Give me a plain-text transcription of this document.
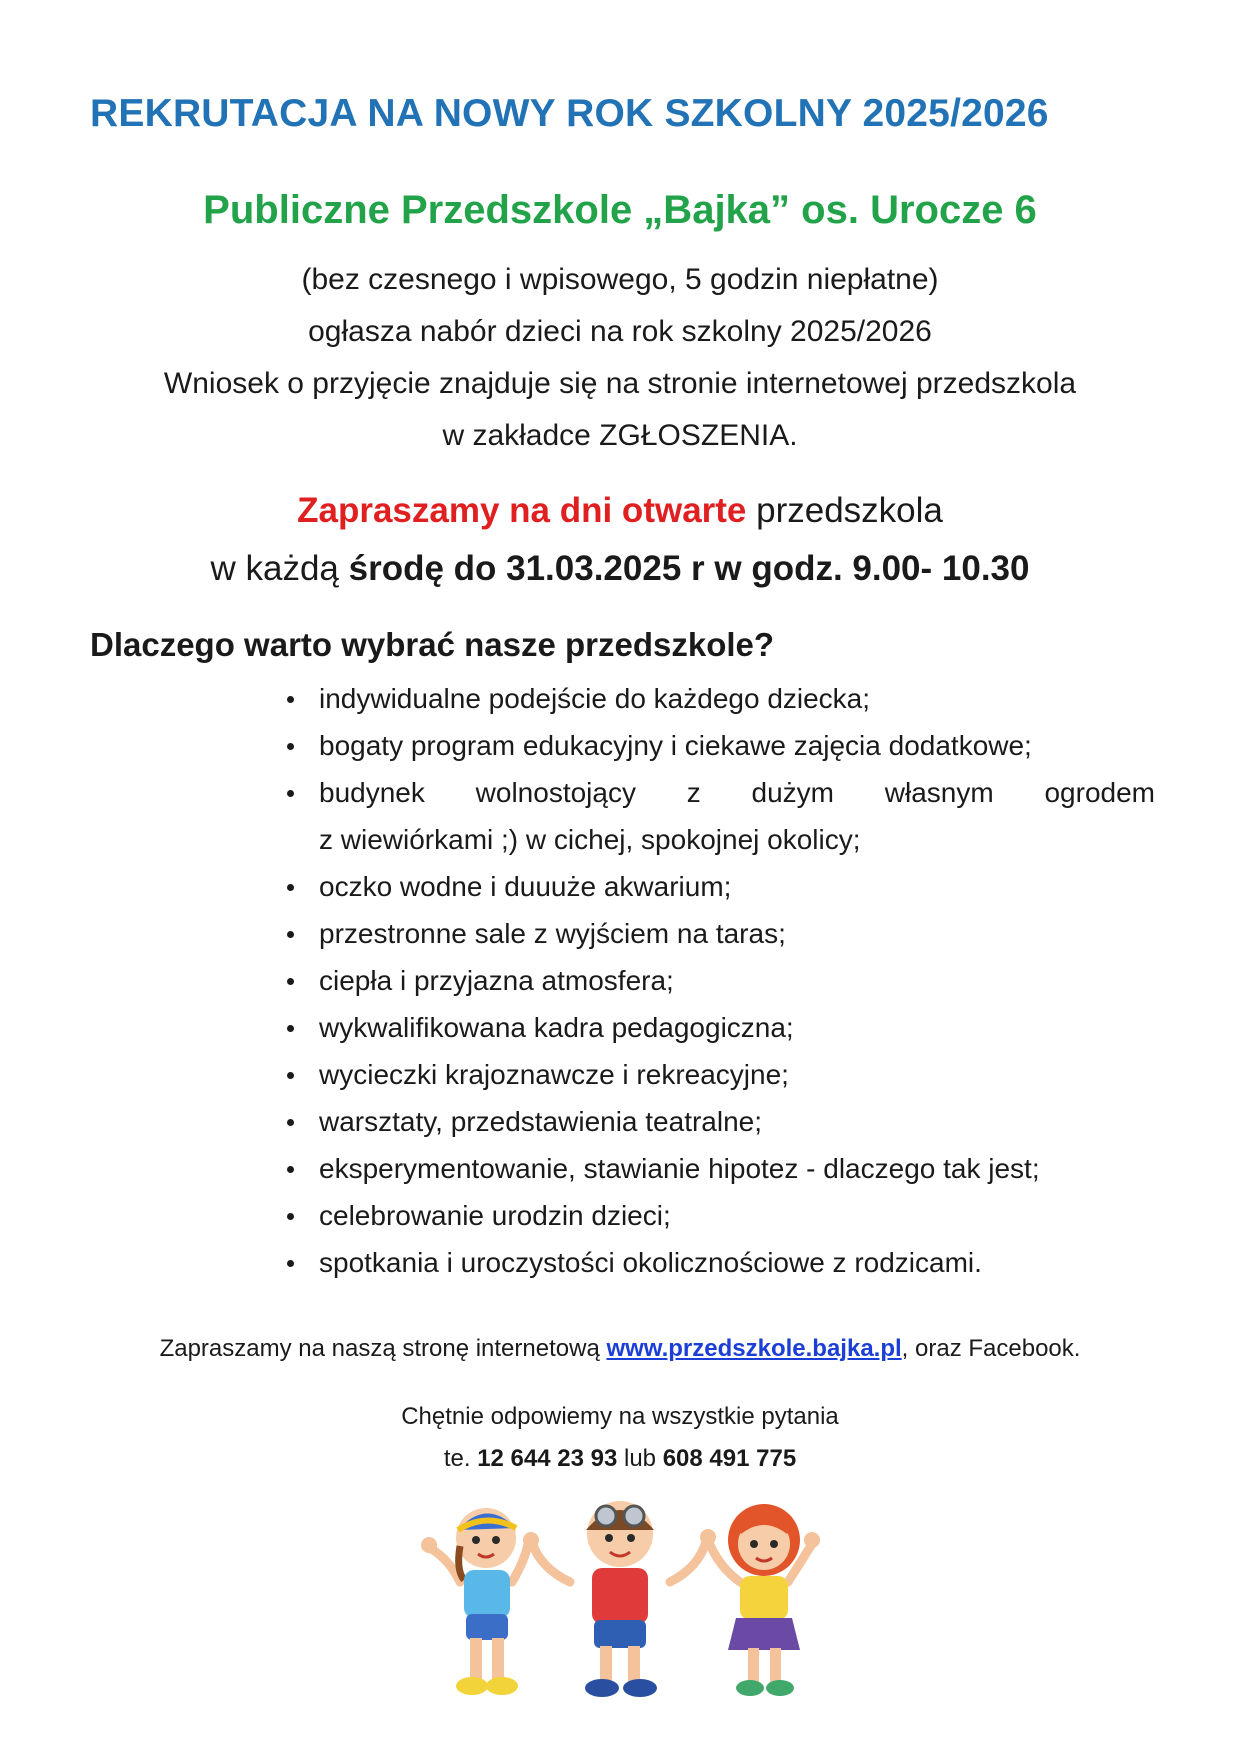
REKRUTACJA NA NOWY ROK SZKOLNY 2025/2026
Publiczne Przedszkole „Bajka” os. Urocze 6
(bez czesnego i wpisowego, 5 godzin niepłatne)
ogłasza nabór dzieci na rok szkolny 2025/2026
Wniosek o przyjęcie znajduje się na stronie internetowej przedszkola
w zakładce ZGŁOSZENIA.
Zapraszamy na dni otwarte przedszkola
w każdą środę do 31.03.2025 r w godz. 9.00- 10.30
Dlaczego warto wybrać nasze przedszkole?
indywidualne podejście do każdego dziecka;
bogaty program edukacyjny i ciekawe zajęcia dodatkowe;
budynek wolnostojący z dużym własnym ogrodem
z wiewiórkami ;) w cichej, spokojnej okolicy;
oczko wodne i duuuże akwarium;
przestronne sale z wyjściem na taras;
ciepła i przyjazna atmosfera;
wykwalifikowana kadra pedagogiczna;
wycieczki krajoznawcze i rekreacyjne;
warsztaty, przedstawienia teatralne;
eksperymentowanie, stawianie hipotez - dlaczego tak jest;
celebrowanie urodzin dzieci;
spotkania i uroczystości okolicznościowe z rodzicami.
Zapraszamy na naszą stronę internetową www.przedszkole.bajka.pl, oraz Facebook.
Chętnie odpowiemy na wszystkie pytania
te. 12 644 23 93 lub 608 491 775
